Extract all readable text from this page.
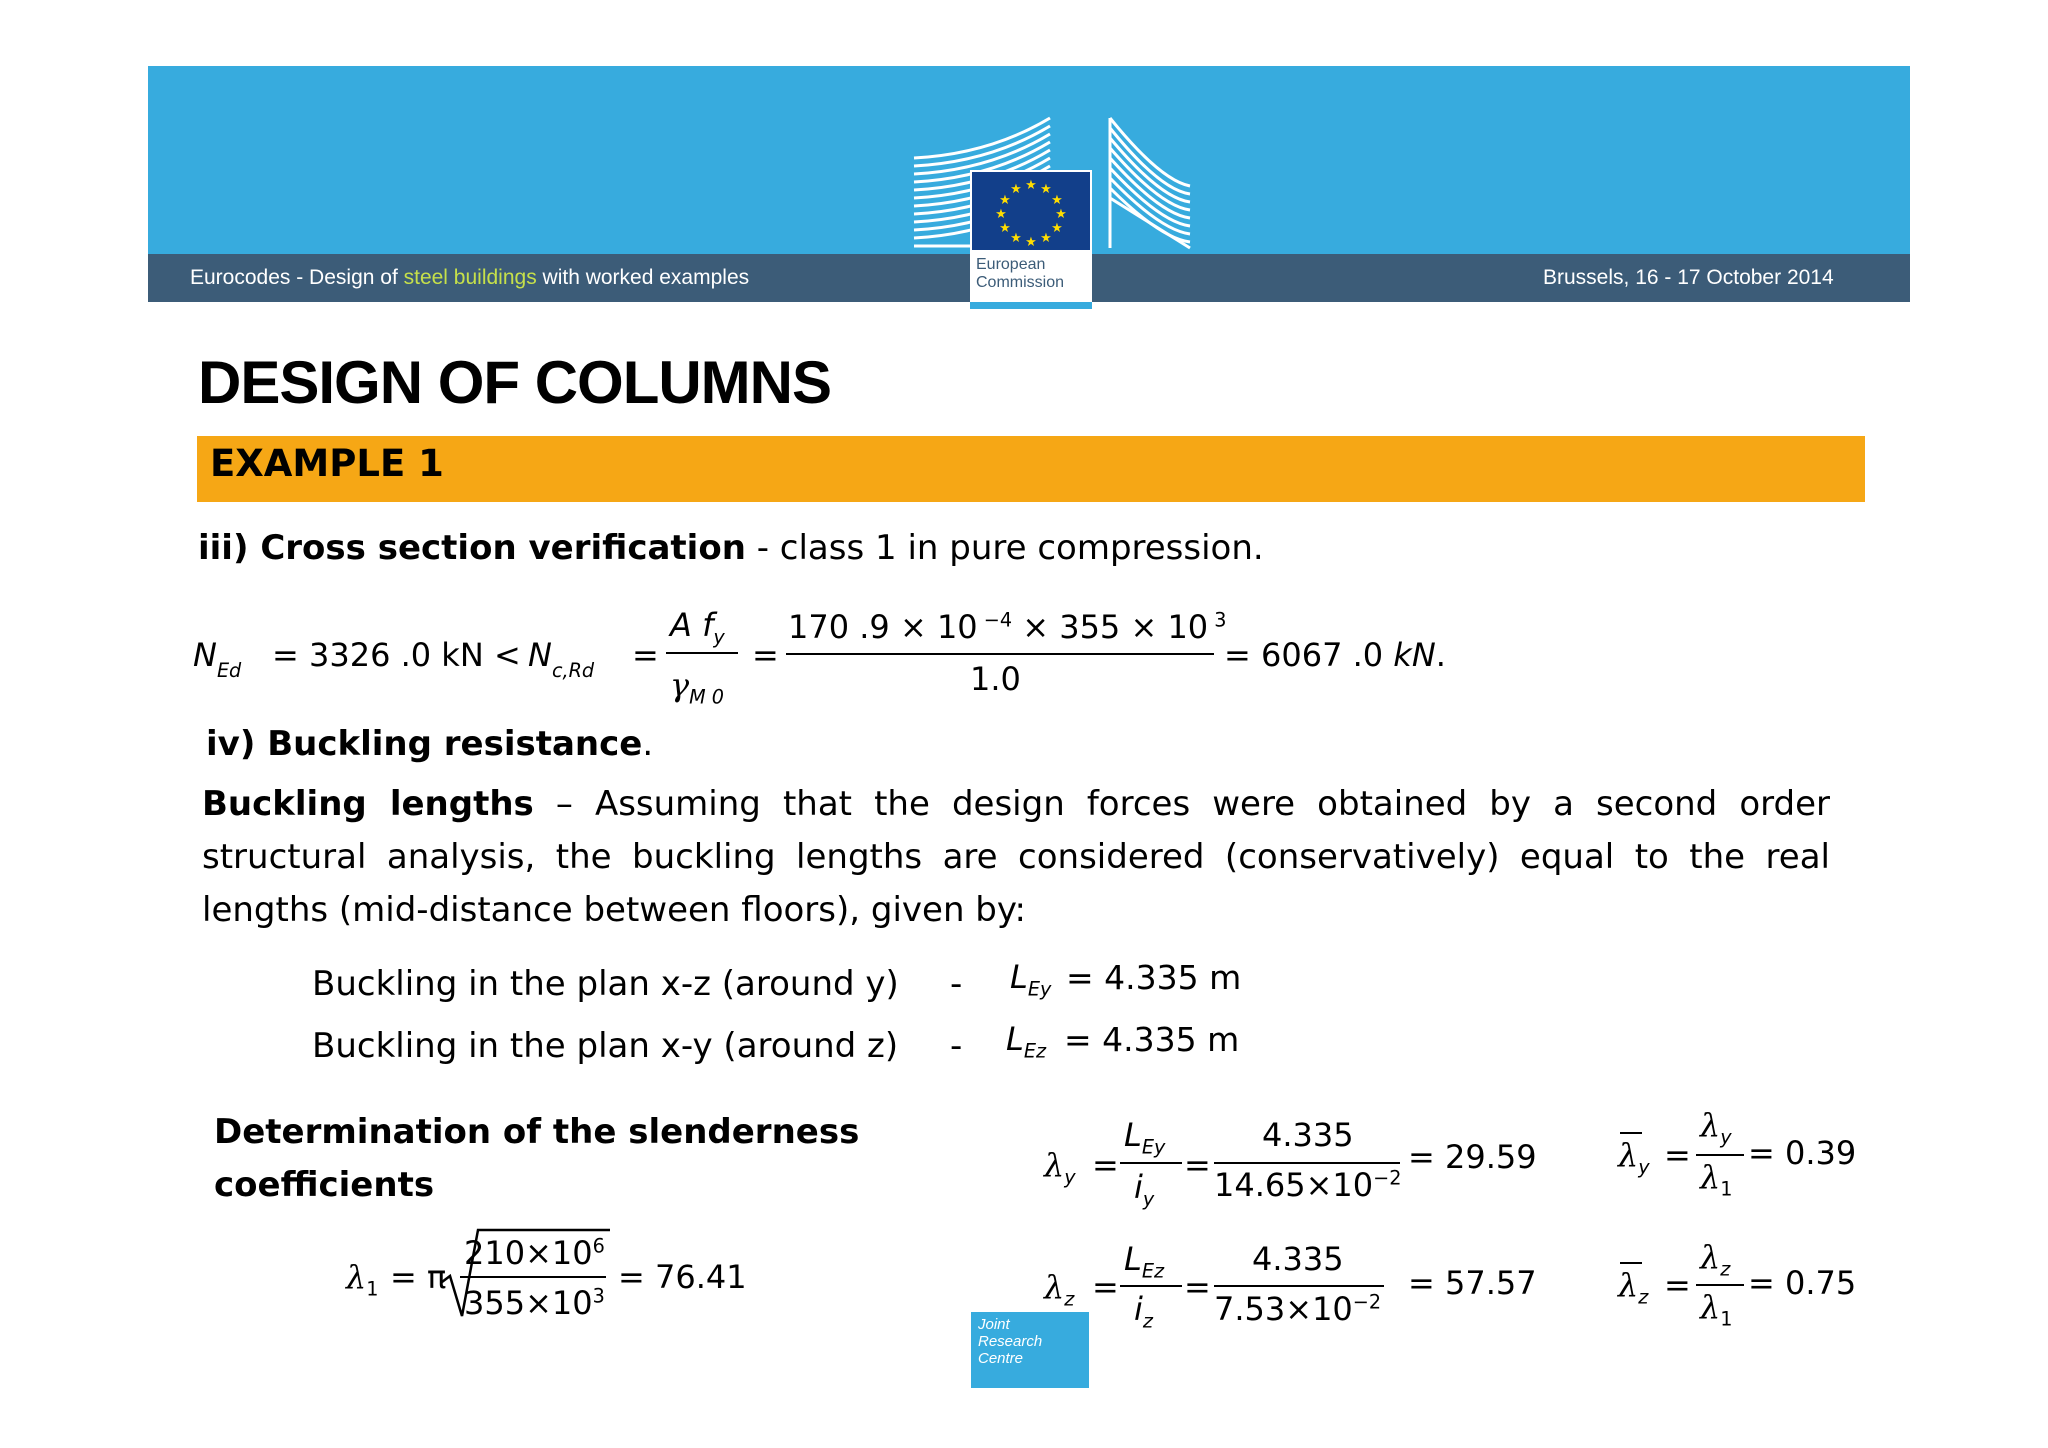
Eurocodes - Design of steel buildings with worked examples	Brussels, 16 - 17 October 2014
★ ★
★
★
★
★
★
★
★
★
★
★
European
Commission
DESIGN OF COLUMNS
EXAMPLE 1
iii) Cross section verification - class 1 in pure compression.
$N_{Ed} = 3326$ .0 kN < $N_{c,Rd}$ =
A $f_y$
$\gamma_{M 0}$
=
170 .9 × 10 $^{-4}$ × 355 × 10 $^3$
1.0
= 6067 .0 kN.
iv) Buckling resistance.
Buckling lengths – Assuming that the design forces were obtained by a second order structural analysis, the buckling lengths are considered (conservatively) equal to the real lengths (mid-distance between floors), given by:
Buckling in the plan x-z (around $y) - L_{Ey} = 4.335$ m
Buckling in the plan x-y (around $z) - L_{Ez} = 4.335$ m
Determination of the slenderness
coefficients
$\lambda_1 = \pi$
$210\times 10^6$
$355\times 10^3 = 76.41$
$\lambda_y$ =
$L_{Ey}$
$i_y$
=
4.335
$14.65\times 10^{-2}$
= 29.59
$\lambda_z$ =
$L_{Ez}$
$i_z$
=
4.335
$7.53\times 10^{-2} = 57.57$
$\lambda_y$ =
$\lambda_y$
$\lambda_1$
= 0.39
$\lambda_z$ =
$\lambda_z$
$\lambda_1$
= 0.75
Joint
Research
Centre
